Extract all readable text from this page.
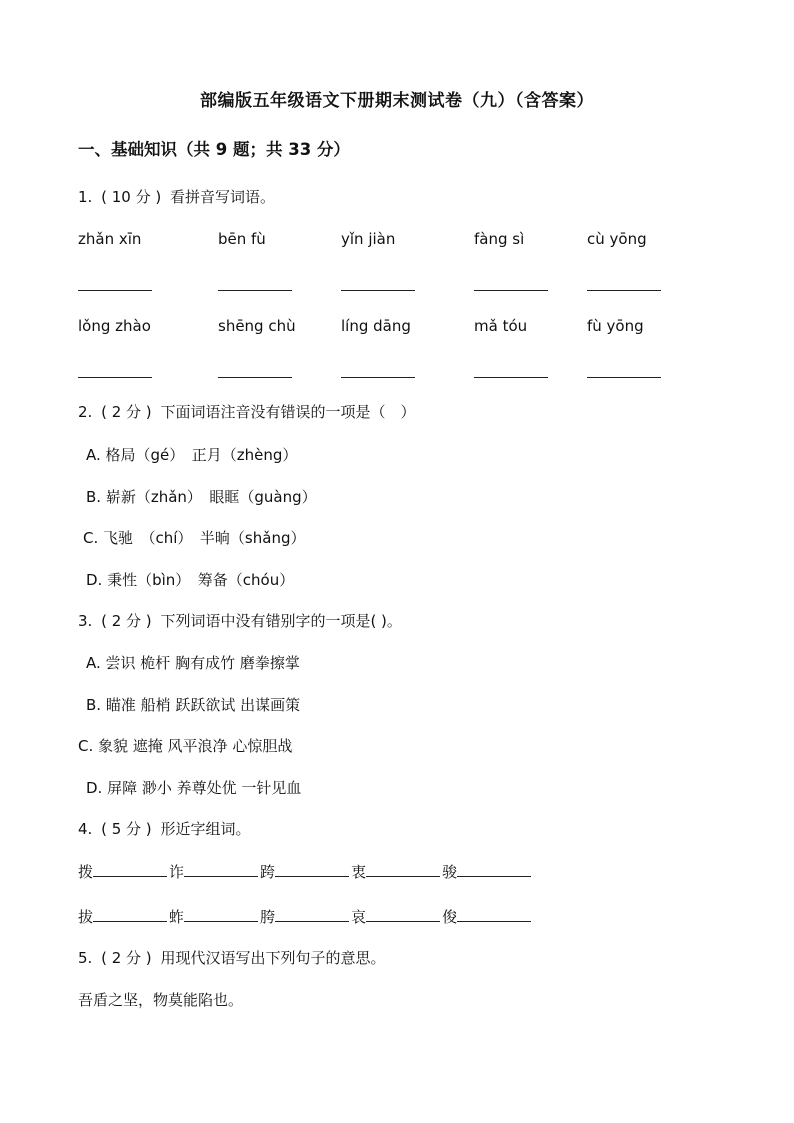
部编版五年级语文下册期末测试卷（九）（含答案）
一、基础知识（共 9 题；共 33 分）
1. ( 10 分 ) 看拼音写词语。
zhǎn xīn	bēn fù	yǐn jiàn	fàng sì	cù yōng
lǒng zhào	shēng chù	líng dāng	mǎ tóu	fù yōng
2. ( 2 分 ) 下面词语注音没有错误的一项是（　）
A. 格局（gé）　正月（zhèng）
B. 崭新（zhǎn）　眼眶（guàng）
C. 飞驰　（chí）　半晌（shǎng）
D. 秉性（bìn）　筹备（chóu）
3. ( 2 分 ) 下列词语中没有错别字的一项是( )。
A. 尝识 桅杆 胸有成竹 磨拳擦掌
B. 瞄准 船梢 跃跃欲试 出谋画策
C. 象貌 遮掩 风平浪净 心惊胆战
D. 屏障 渺小 养尊处优 一针见血
4. ( 5 分 ) 形近字组词。
拨	诈	跨	衷	骏
拔	蚱	胯	哀	俊
5. ( 2 分 ) 用现代汉语写出下列句子的意思。
吾盾之坚，物莫能陷也。
